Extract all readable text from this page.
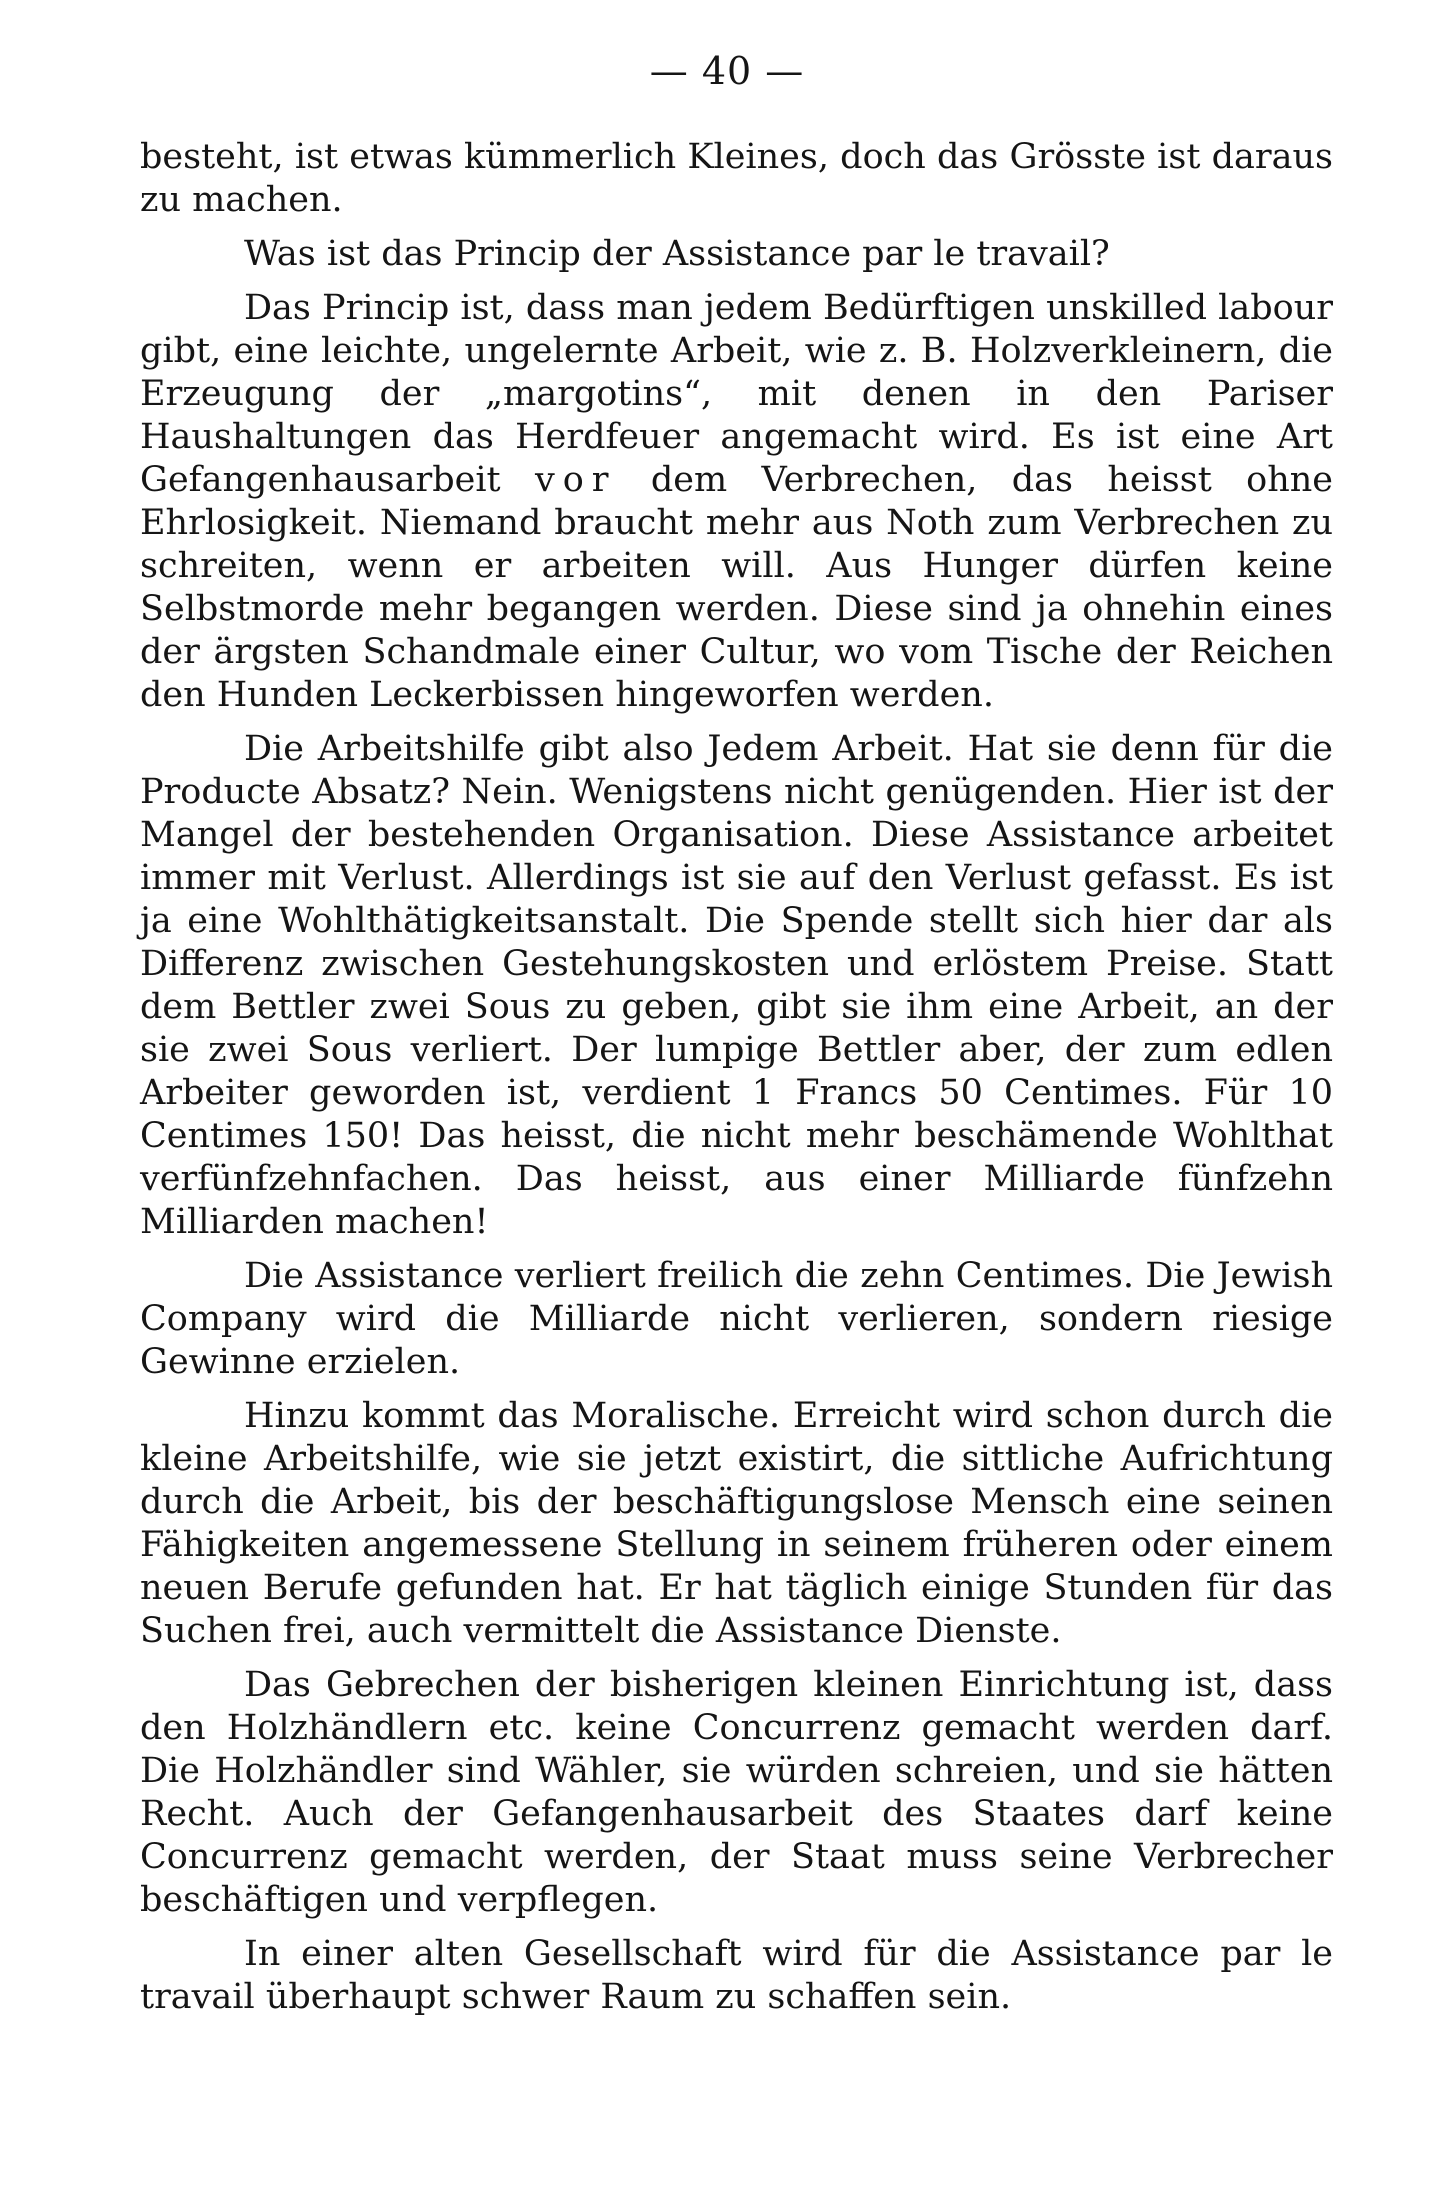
— 40 —

besteht, ist etwas kümmerlich Kleines, doch das Grösste ist daraus zu machen.

Was ist das Princip der Assistance par le travail?

Das Princip ist, dass man jedem Bedürftigen unskilled labour gibt, eine leichte, ungelernte Arbeit, wie z. B. Holzverkleinern, die Erzeugung der „margotins“, mit denen in den Pariser Haushaltungen das Herdfeuer angemacht wird. Es ist eine Art Gefangenhausarbeit vor dem Verbrechen, das heisst ohne Ehrlosigkeit. Niemand braucht mehr aus Noth zum Verbrechen zu schreiten, wenn er arbeiten will. Aus Hunger dürfen keine Selbstmorde mehr begangen werden. Diese sind ja ohnehin eines der ärgsten Schandmale einer Cultur, wo vom Tische der Reichen den Hunden Leckerbissen hingeworfen werden.

Die Arbeitshilfe gibt also Jedem Arbeit. Hat sie denn für die Producte Absatz? Nein. Wenigstens nicht genügenden. Hier ist der Mangel der bestehenden Organisation. Diese Assistance arbeitet immer mit Verlust. Allerdings ist sie auf den Verlust gefasst. Es ist ja eine Wohlthätigkeitsanstalt. Die Spende stellt sich hier dar als Differenz zwischen Gestehungskosten und erlöstem Preise. Statt dem Bettler zwei Sous zu geben, gibt sie ihm eine Arbeit, an der sie zwei Sous verliert. Der lumpige Bettler aber, der zum edlen Arbeiter geworden ist, verdient 1 Francs 50 Centimes. Für 10 Centimes 150! Das heisst, die nicht mehr beschämende Wohlthat verfünfzehnfachen. Das heisst, aus einer Milliarde fünfzehn Milliarden machen!

Die Assistance verliert freilich die zehn Centimes. Die Jewish Company wird die Milliarde nicht verlieren, sondern riesige Gewinne erzielen.

Hinzu kommt das Moralische. Erreicht wird schon durch die kleine Arbeitshilfe, wie sie jetzt existirt, die sittliche Aufrichtung durch die Arbeit, bis der beschäftigungslose Mensch eine seinen Fähigkeiten angemessene Stellung in seinem früheren oder einem neuen Berufe gefunden hat. Er hat täglich einige Stunden für das Suchen frei, auch vermittelt die Assistance Dienste.

Das Gebrechen der bisherigen kleinen Einrichtung ist, dass den Holzhändlern etc. keine Concurrenz gemacht werden darf. Die Holzhändler sind Wähler, sie würden schreien, und sie hätten Recht. Auch der Gefangenhausarbeit des Staates darf keine Concurrenz gemacht werden, der Staat muss seine Verbrecher beschäftigen und verpflegen.

In einer alten Gesellschaft wird für die Assistance par le travail überhaupt schwer Raum zu schaffen sein.
